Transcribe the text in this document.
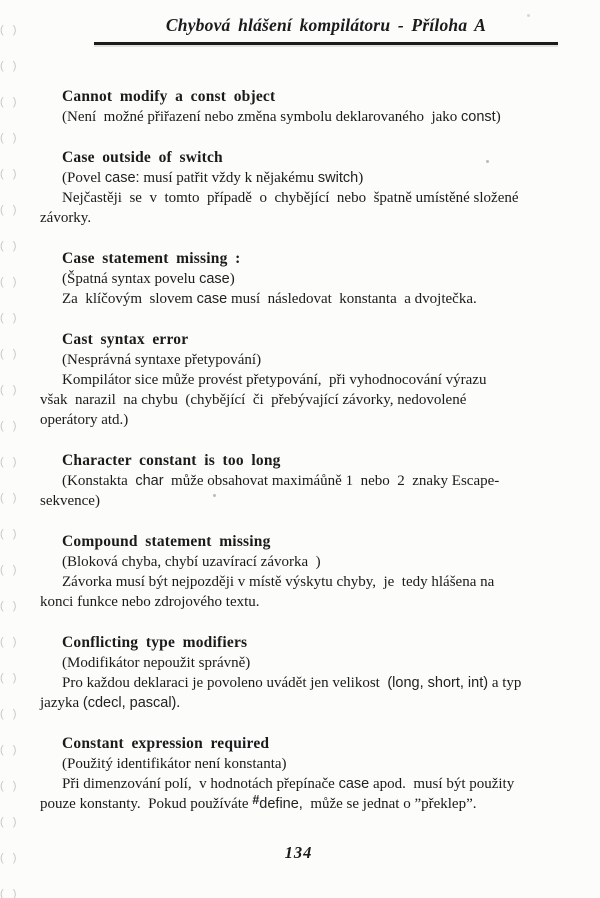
Chybová hlášení kompilátoru - Příloha A
Cannot modify a const object
(Není  možné přiřazení nebo změna symbolu deklarovaného  jako const)
Case outside of switch
(Povel case: musí patřit vždy k nějakému switch)
Nejčastěji  se  v  tomto  případě  o  chybějící  nebo  špatně umístěné složené
závorky.
Case statement missing :
(Špatná syntax povelu case)
Za  klíčovým  slovem case musí  následovat  konstanta  a dvojtečka.
Cast syntax error
(Nesprávná syntaxe přetypování)
Kompilátor sice může provést přetypování,  při vyhodnocování výrazu
však  narazil  na chybu  (chybějící  či  přebývající závorky, nedovolené
operátory atd.)
Character constant is too long
(Konstakta  char  může obsahovat maximáůně 1  nebo  2  znaky Escape-
sekvence)
Compound statement missing
(Bloková chyba, chybí uzavírací závorka  )
Závorka musí být nejpozději v místě výskytu chyby,  je  tedy hlášena na
konci funkce nebo zdrojového textu.
Conflicting type modifiers
(Modifikátor nepoužit správně)
Pro každou deklaraci je povoleno uvádět jen velikost  (long, short, int) a typ
jazyka (cdecl, pascal).
Constant expression required
(Použitý identifikátor není konstanta)
Při dimenzování polí,  v hodnotách přepínače case apod.  musí být použity
pouze konstanty.  Pokud používáte #define,  může se jednat o ”překlep”.
134
( )
( )
( )
( )
( )
( )
( )
( )
( )
( )
( )
( )
( )
( )
( )
( )
( )
( )
( )
( )
( )
( )
( )
( )
( )
